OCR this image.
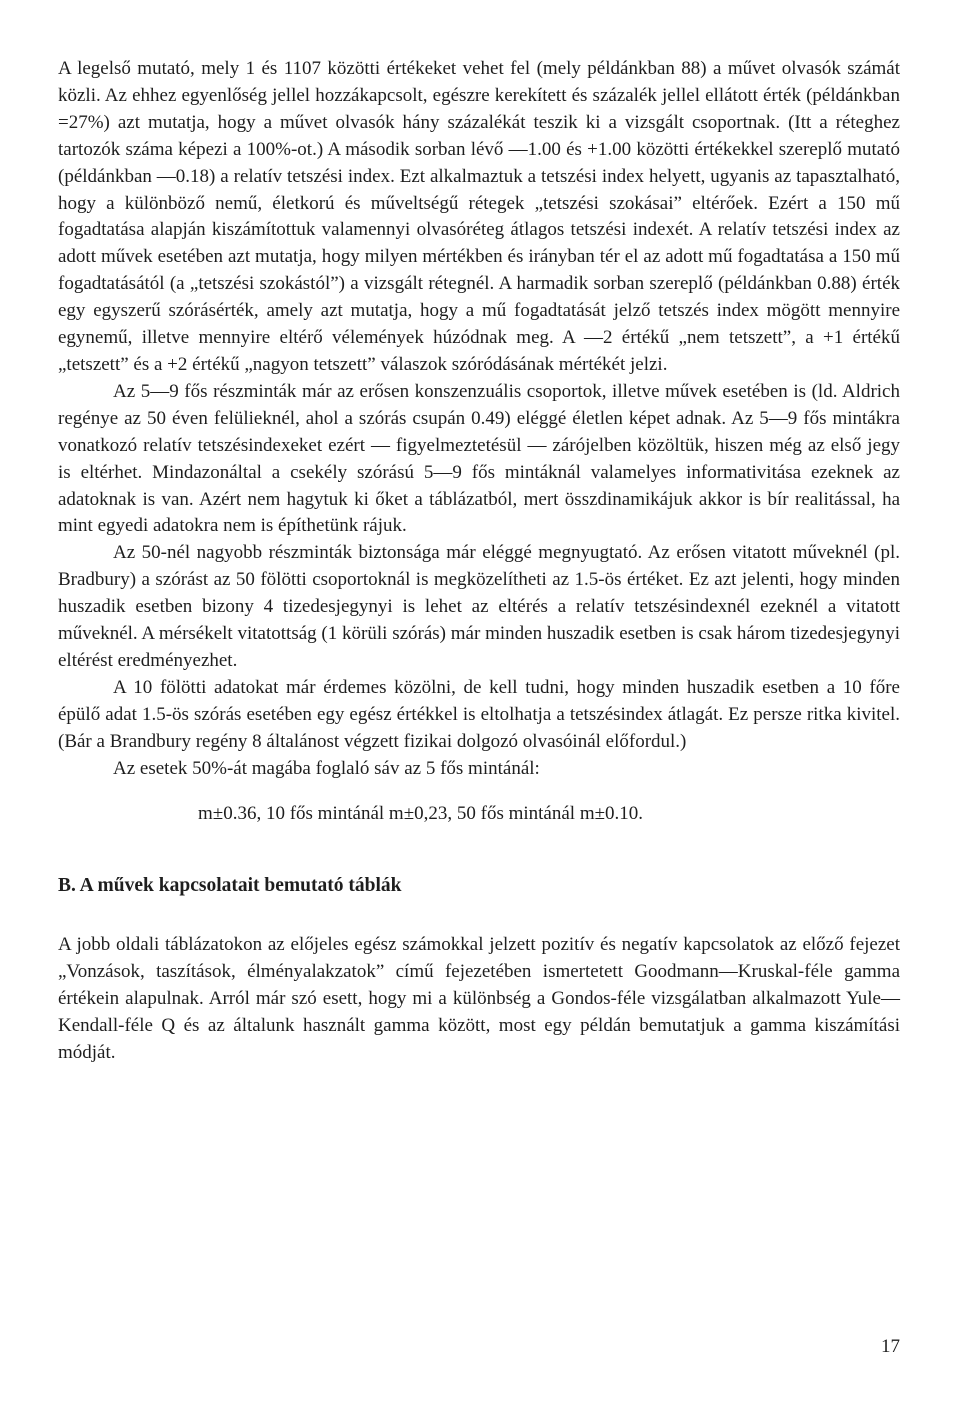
A legelső mutató, mely 1 és 1107 közötti értékeket vehet fel (mely példánkban 88) a művet olvasók számát közli. Az ehhez egyenlőség jellel hozzákapcsolt, egészre kerekített és százalék jellel ellátott érték (példánkban =27%) azt mutatja, hogy a művet olvasók hány százalékát teszik ki a vizsgált csoportnak. (Itt a réteghez tartozók száma képezi a 100%-ot.) A második sorban lévő —1.00 és +1.00 közötti értékekkel szereplő mutató (példánkban —0.18) a relatív tetszési index. Ezt alkalmaztuk a tetszési index helyett, ugyanis az tapasztalható, hogy a különböző nemű, életkorú és műveltségű rétegek „tetszési szokásai” eltérőek. Ezért a 150 mű fogadtatása alapján kiszámítottuk valamennyi olvasóréteg átlagos tetszési indexét. A relatív tetszési index az adott művek esetében azt mutatja, hogy milyen mértékben és irányban tér el az adott mű fogadtatása a 150 mű fogadtatásától (a „tetszési szokástól”) a vizsgált rétegnél. A harmadik sorban szereplő (példánkban 0.88) érték egy egyszerű szórásérték, amely azt mutatja, hogy a mű fogadtatását jelző tetszés index mögött mennyire egynemű, illetve mennyire eltérő vélemények húzódnak meg. A —2 értékű „nem tetszett”, a +1 értékű „tetszett” és a +2 értékű „nagyon tetszett” válaszok szóródásának mértékét jelzi.

Az 5—9 fős részminták már az erősen konszenzuális csoportok, illetve művek esetében is (ld. Aldrich regénye az 50 éven felülieknél, ahol a szórás csupán 0.49) eléggé életlen képet adnak. Az 5—9 fős mintákra vonatkozó relatív tetszésindexeket ezért — figyelmeztetésül — zárójelben közöltük, hiszen még az első jegy is eltérhet. Mindazonáltal a csekély szórású 5—9 fős mintáknál valamelyes informativitása ezeknek az adatoknak is van. Azért nem hagytuk ki őket a táblázatból, mert összdinamikájuk akkor is bír realitással, ha mint egyedi adatokra nem is építhetünk rájuk.

Az 50-nél nagyobb részminták biztonsága már eléggé megnyugtató. Az erősen vitatott műveknél (pl. Bradbury) a szórást az 50 fölötti csoportoknál is megközelítheti az 1.5-ös értéket. Ez azt jelenti, hogy minden huszadik esetben bizony 4 tizedesjegynyi is lehet az eltérés a relatív tetszésindexnél ezeknél a vitatott műveknél. A mérsékelt vitatottság (1 körüli szórás) már minden huszadik esetben is csak három tizedesjegynyi eltérést eredményezhet.

A 10 fölötti adatokat már érdemes közölni, de kell tudni, hogy minden huszadik esetben a 10 főre épülő adat 1.5-ös szórás esetében egy egész értékkel is eltolhatja a tetszésindex átlagát. Ez persze ritka kivitel. (Bár a Brandbury regény 8 általánost végzett fizikai dolgozó olvasóinál előfordul.)

Az esetek 50%-át magába foglaló sáv az 5 fős mintánál:

m±0.36, 10 fős mintánál m±0,23, 50 fős mintánál m±0.10.
B. A művek kapcsolatait bemutató táblák

A jobb oldali táblázatokon az előjeles egész számokkal jelzett pozitív és negatív kapcsolatok az előző fejezet „Vonzások, taszítások, élményalakzatok” című fejezetében ismertetett Goodmann—Kruskal-féle gamma értékein alapulnak. Arról már szó esett, hogy mi a különbség a Gondos-féle vizsgálatban alkalmazott Yule—Kendall-féle Q és az általunk használt gamma között, most egy példán bemutatjuk a gamma kiszámítási módját.

17
